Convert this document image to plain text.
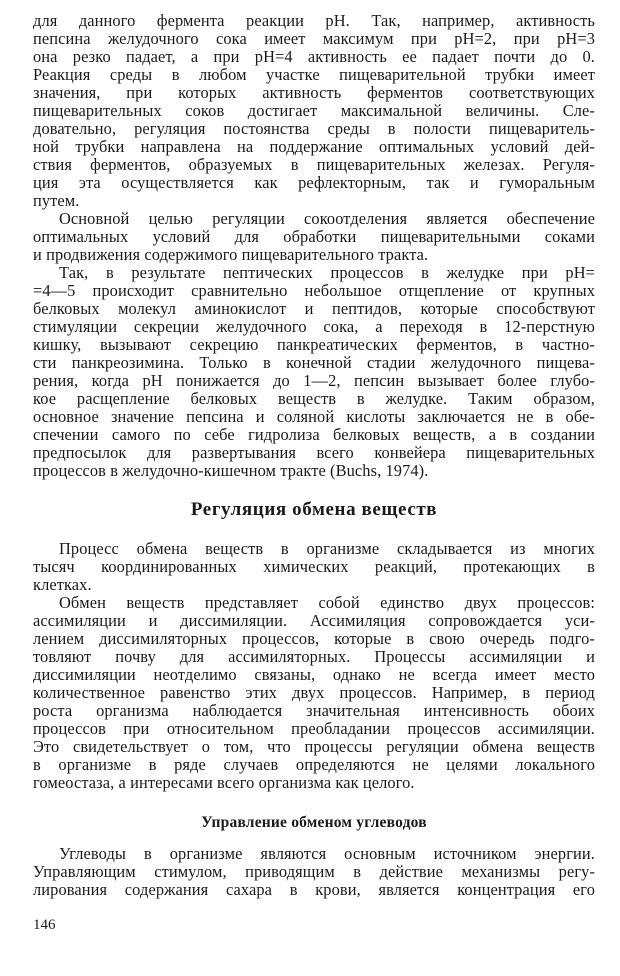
для данного фермента реакции pH. Так, например, активность
пепсина желудочного сока имеет максимум при pH=2, при pH=3
она резко падает, а при pH=4 активность ее падает почти до 0.
Реакция среды в любом участке пищеварительной трубки имеет
значения, при которых активность ферментов соответствующих
пищеварительных соков достигает максимальной величины. Сле-
довательно, регуляция постоянства среды в полости пищеваритель-
ной трубки направлена на поддержание оптимальных условий дей-
ствия ферментов, образуемых в пищеварительных железах. Регуля-
ция эта осуществляется как рефлекторным, так и гуморальным
путем.
Основной целью регуляции сокоотделения является обеспечение
оптимальных условий для обработки пищеварительными соками
и продвижения содержимого пищеварительного тракта.
Так, в результате пептических процессов в желудке при pH=
=4—5 происходит сравнительно небольшое отщепление от крупных
белковых молекул аминокислот и пептидов, которые способствуют
стимуляции секреции желудочного сока, а переходя в 12-перстную
кишку, вызывают секрецию панкреатических ферментов, в частно-
сти панкреозимина. Только в конечной стадии желудочного пищева-
рения, когда pH понижается до 1—2, пепсин вызывает более глубо-
кое расщепление белковых веществ в желудке. Таким образом,
основное значение пепсина и соляной кислоты заключается не в обе-
спечении самого по себе гидролиза белковых веществ, а в создании
предпосылок для развертывания всего конвейера пищеварительных
процессов в желудочно-кишечном тракте (Buchs, 1974).
Регуляция обмена веществ
Процесс обмена веществ в организме складывается из многих
тысяч координированных химических реакций, протекающих в
клетках.
Обмен веществ представляет собой единство двух процессов:
ассимиляции и диссимиляции. Ассимиляция сопровождается уси-
лением диссимиляторных процессов, которые в свою очередь подго-
товляют почву для ассимиляторных. Процессы ассимиляции и
диссимиляции неотделимо связаны, однако не всегда имеет место
количественное равенство этих двух процессов. Например, в период
роста организма наблюдается значительная интенсивность обоих
процессов при относительном преобладании процессов ассимиляции.
Это свидетельствует о том, что процессы регуляции обмена веществ
в организме в ряде случаев определяются не целями локального
гомеостаза, а интересами всего организма как целого.
Управление обменом углеводов
Углеводы в организме являются основным источником энергии.
Управляющим стимулом, приводящим в действие механизмы регу-
лирования содержания сахара в крови, является концентрация его
146
